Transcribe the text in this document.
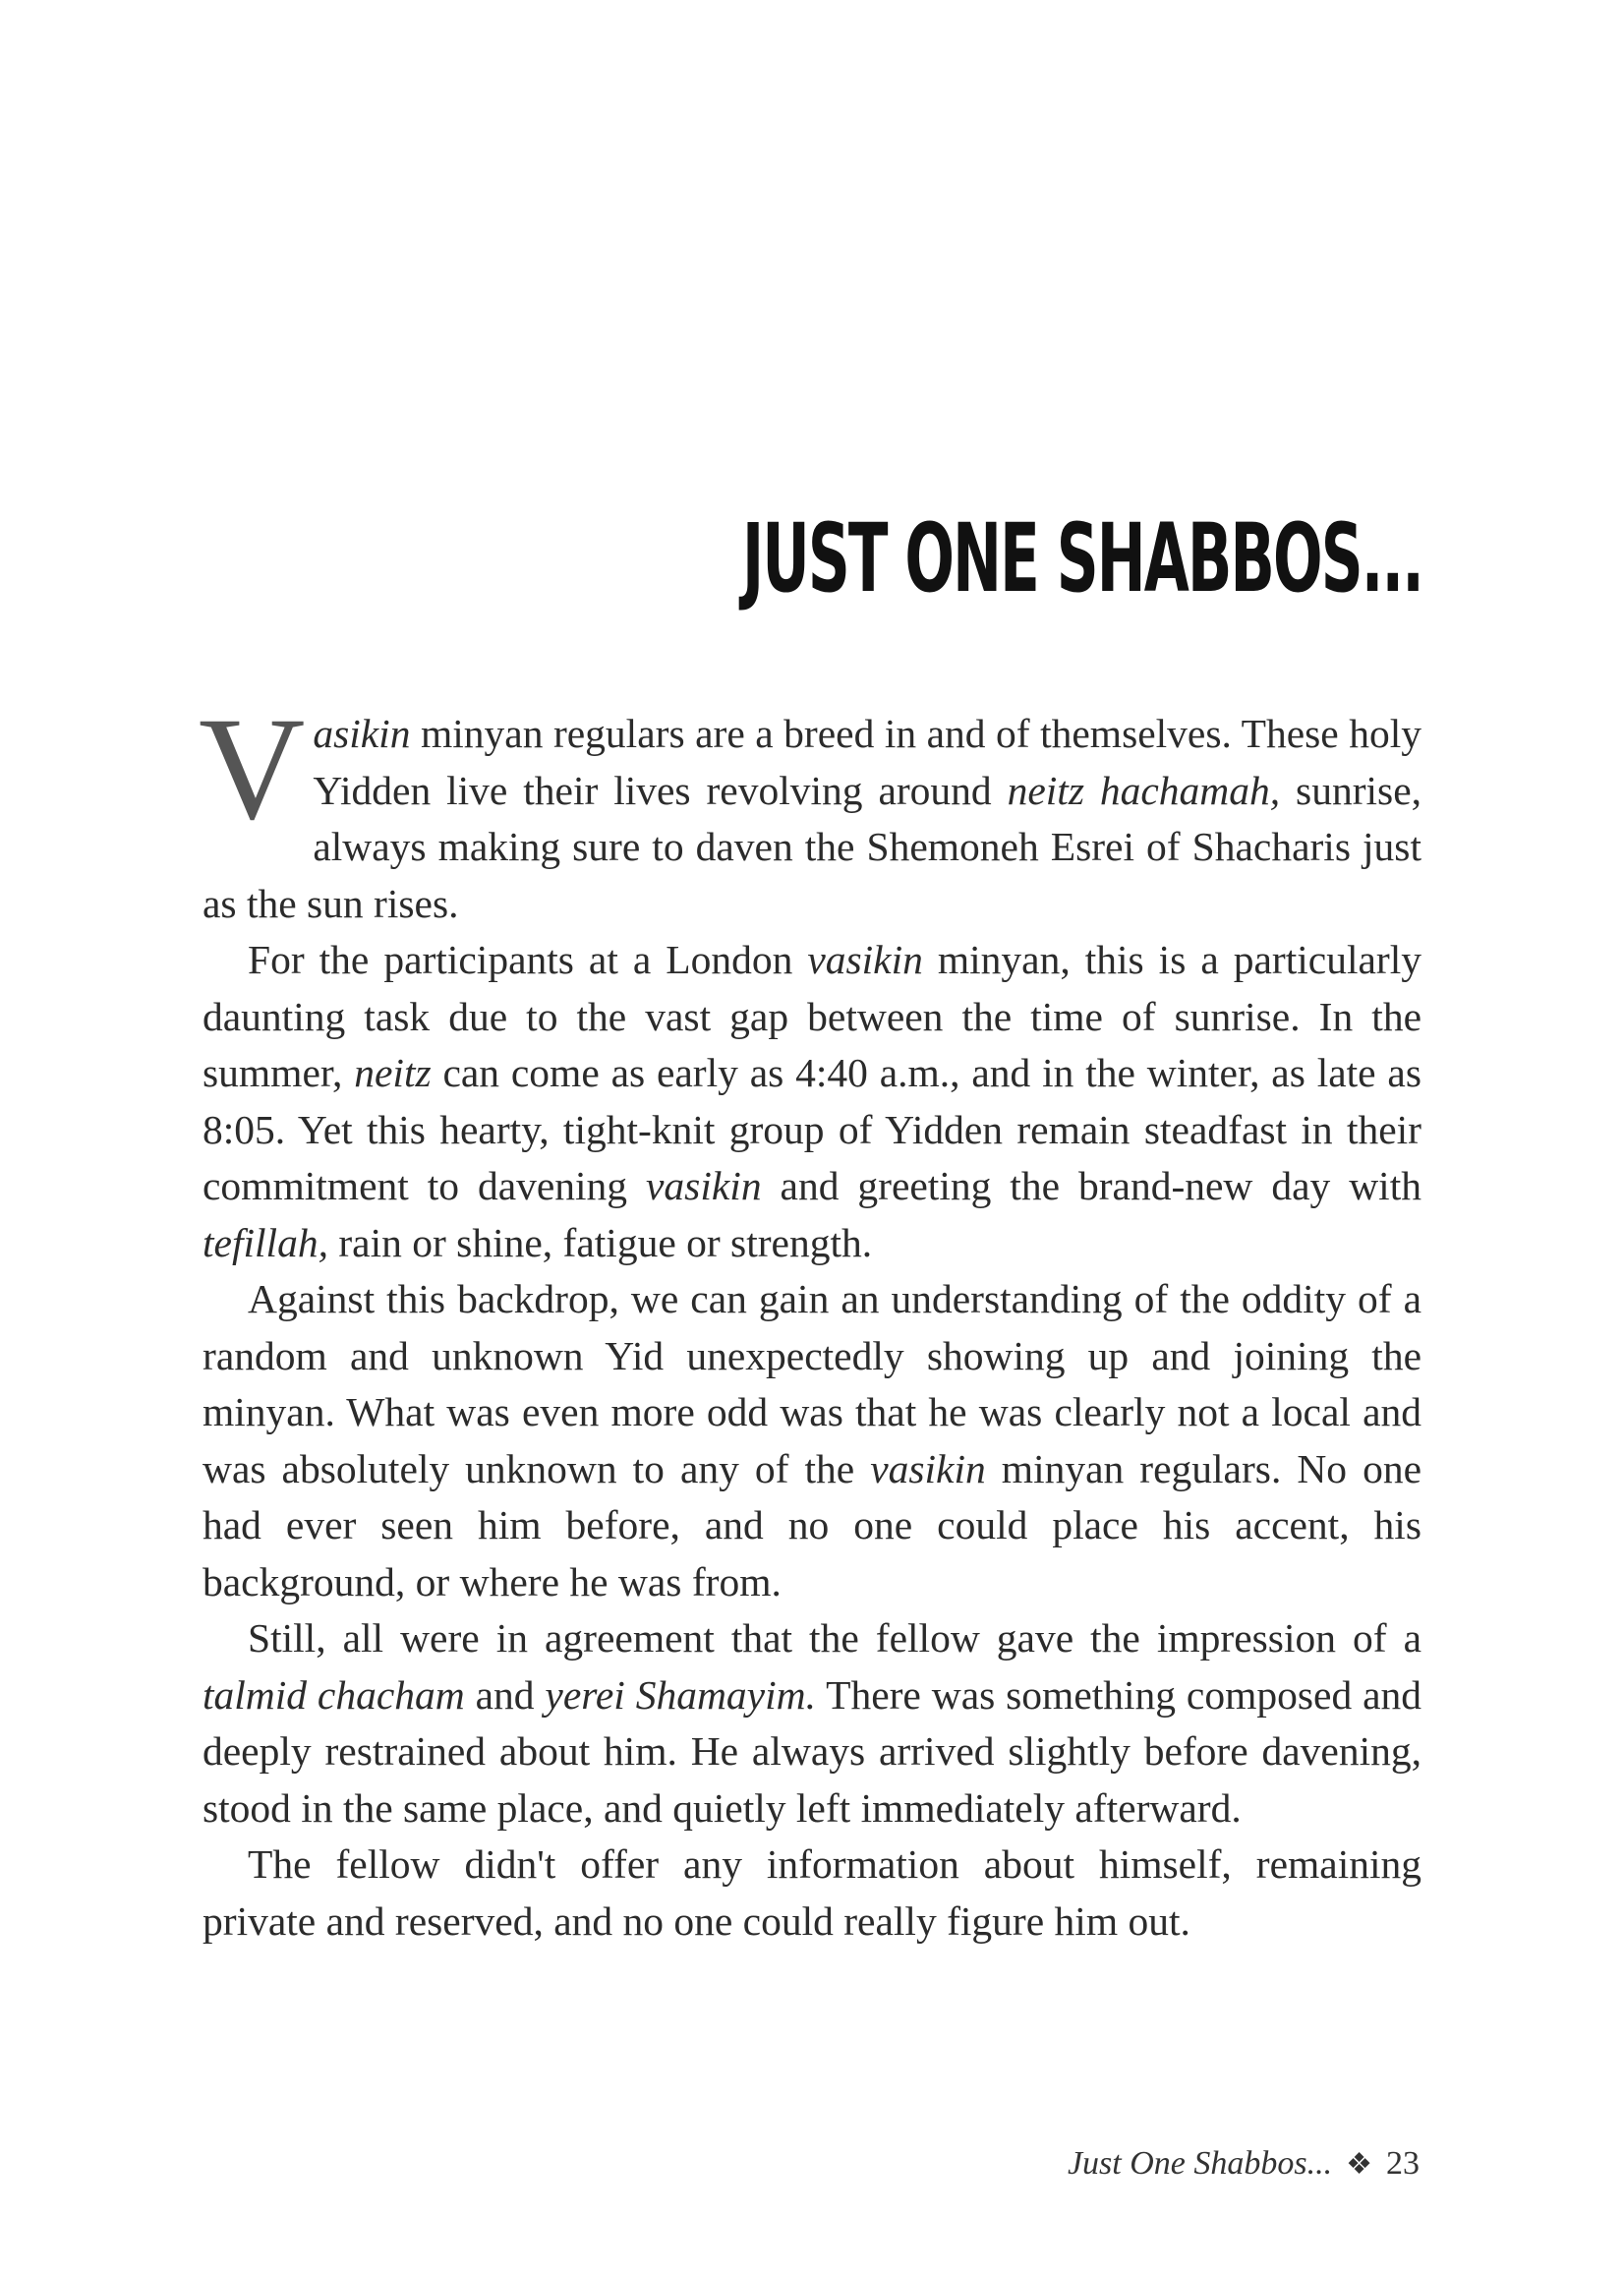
JUST ONE SHABBOS...

Vasikin minyan regulars are a breed in and of themselves. These holy Yidden live their lives revolving around neitz hachamah, sunrise, always making sure to daven the Shemoneh Esrei of Shacharis just as the sun rises.

For the participants at a London vasikin minyan, this is a particularly daunting task due to the vast gap between the time of sunrise. In the summer, neitz can come as early as 4:40 a.m., and in the winter, as late as 8:05. Yet this hearty, tight-knit group of Yidden remain steadfast in their commitment to davening vasikin and greeting the brand-new day with tefillah, rain or shine, fatigue or strength.

Against this backdrop, we can gain an understanding of the oddity of a random and unknown Yid unexpectedly showing up and joining the minyan. What was even more odd was that he was clearly not a local and was absolutely unknown to any of the vasikin minyan regulars. No one had ever seen him before, and no one could place his accent, his background, or where he was from.

Still, all were in agreement that the fellow gave the impression of a talmid chacham and yerei Shamayim. There was something composed and deeply restrained about him. He always arrived slightly before davening, stood in the same place, and quietly left immediately afterward.

The fellow didn't offer any information about himself, remaining private and reserved, and no one could really figure him out.

Just One Shabbos... ❖ 23
